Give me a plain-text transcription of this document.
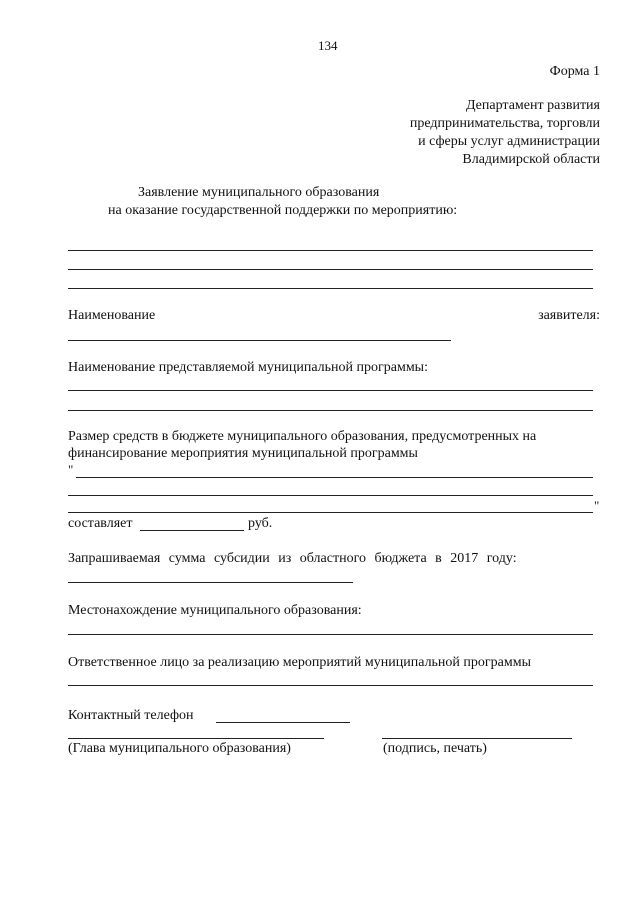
134
Форма 1
Департамент развития
предпринимательства, торговли
и сферы услуг администрации
Владимирской области
Заявление муниципального образования
на оказание государственной поддержки по мероприятию:
Наименование	заявителя:
Наименование представляемой муниципальной программы:
Размер средств в бюджете муниципального образования, предусмотренных на
финансирование мероприятия муниципальной программы
"
"
составляет	руб.
Запрашиваемая сумма субсидии из областного бюджета в 2017 году:
Местонахождение муниципального образования:
Ответственное лицо за реализацию мероприятий муниципальной программы
Контактный телефон
(Глава муниципального образования)	(подпись, печать)
